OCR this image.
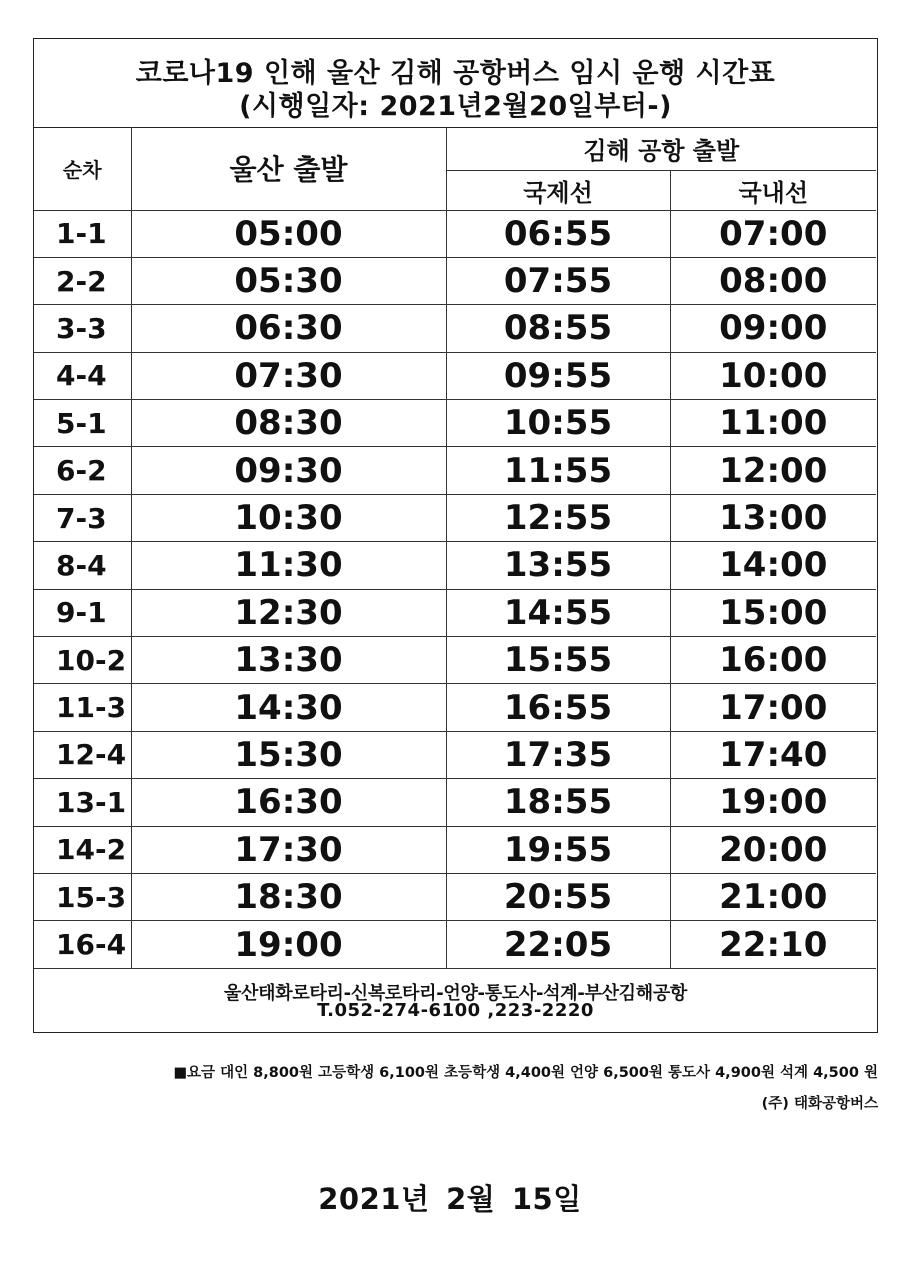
코로나19 인해 울산 김해 공항버스 임시 운행 시간표
(시행일자: 2021년2월20일부터-)
순차	울산 출발	김해 공항 출발	
		국제선	국내선
1-1	05:00	06:55	07:00
2-2	05:30	07:55	08:00
3-3	06:30	08:55	09:00
4-4	07:30	09:55	10:00
5-1	08:30	10:55	11:00
6-2	09:30	11:55	12:00
7-3	10:30	12:55	13:00
8-4	11:30	13:55	14:00
9-1	12:30	14:55	15:00
10-2	13:30	15:55	16:00
11-3	14:30	16:55	17:00
12-4	15:30	17:35	17:40
13-1	16:30	18:55	19:00
14-2	17:30	19:55	20:00
15-3	18:30	20:55	21:00
16-4	19:00	22:05	22:10
울산태화로타리-신복로타리-언양-통도사-석계-부산김해공항
T.052-274-6100 ,223-2220
■요금 대인 8,800원 고등학생 6,100원 초등학생 4,400원 언양 6,500원 통도사 4,900원 석계 4,500 원
(주) 태화공항버스
2021년 2월 15일
